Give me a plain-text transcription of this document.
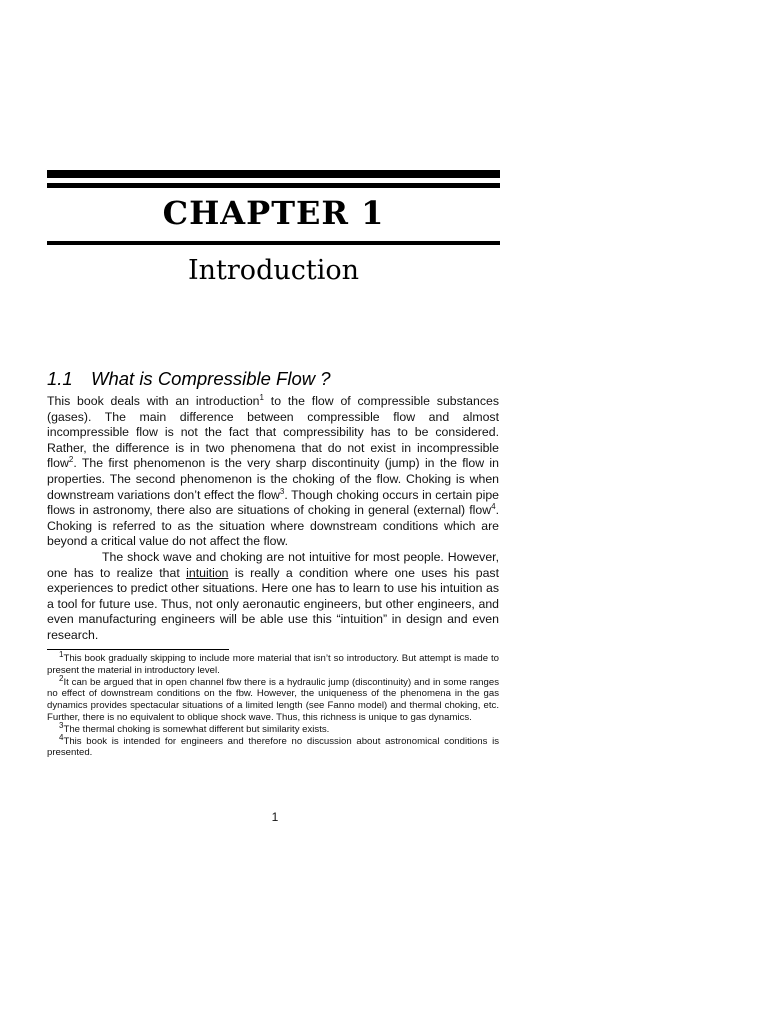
CHAPTER 1
Introduction
1.1 What is Compressible Flow ?

This book deals with an introduction$^1$ to the flow of compressible substances (gases). The main difference between compressible flow and almost incompressible flow is not the fact that compressibility has to be considered. Rather, the difference is in two phenomena that do not exist in incompressible flow$^2$. The first phenomenon is the very sharp discontinuity (jump) in the flow in properties. The second phenomenon is the choking of the flow. Choking is when downstream variations don’t effect the flow$^3$. Though choking occurs in certain pipe flows in astronomy, there also are situations of choking in general (external) flow$^4$. Choking is referred to as the situation where downstream conditions which are beyond a critical value do not affect the flow.

The shock wave and choking are not intuitive for most people. However, one has to realize that intuition is really a condition where one uses his past experiences to predict other situations. Here one has to learn to use his intuition as a tool for future use. Thus, not only aeronautic engineers, but other engineers, and even manufacturing engineers will be able use this “intuition” in design and even research.

$^1$This book gradually skipping to include more material that isn’t so introductory. But attempt is made to present the material in introductory level.

$^2$It can be argued that in open channel fbw there is a hydraulic jump (discontinuity) and in some ranges no effect of downstream conditions on the fbw. However, the uniqueness of the phenomena in the gas dynamics provides spectacular situations of a limited length (see Fanno model) and thermal choking, etc. Further, there is no equivalent to oblique shock wave. Thus, this richness is unique to gas dynamics.

$^3$The thermal choking is somewhat different but similarity exists.

$^4$This book is intended for engineers and therefore no discussion about astronomical conditions is presented.

1
